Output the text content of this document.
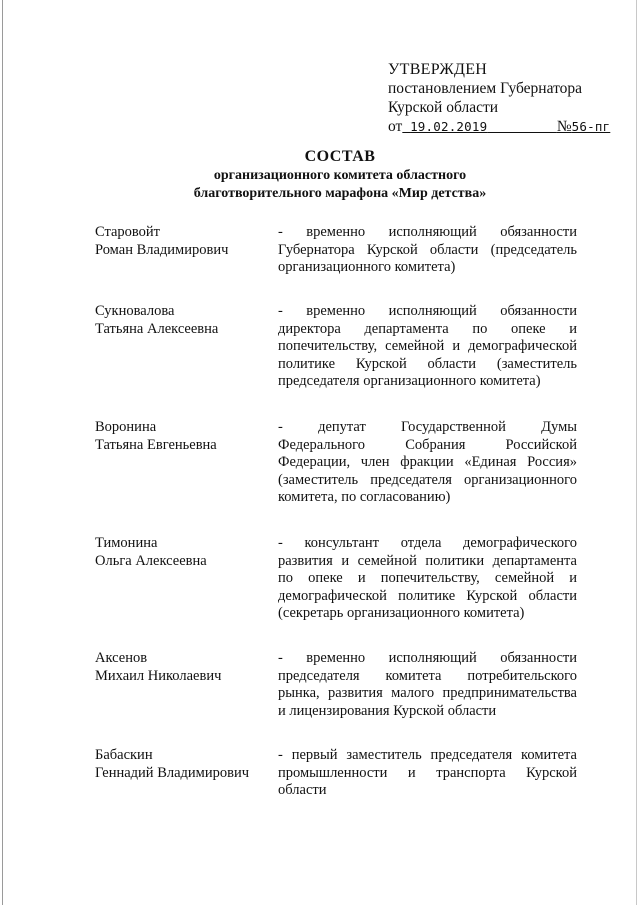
УТВЕРЖДЕН
постановлением Губернатора
Курской области
от 19.02.2019	№56-пг
СОСТАВ
организационного комитета областного
благотворительного марафона «Мир детства»
Старовойт
Роман Владимирович
- временно исполняющий обязанности
Губернатора Курской области (председатель
организационного комитета)
Сукновалова
Татьяна Алексеевна
- временно исполняющий обязанности
директора департамента по опеке и
попечительству, семейной и демографической
политике Курской области (заместитель
председателя организационного комитета)
Воронина
Татьяна Евгеньевна
- депутат Государственной Думы
Федерального Собрания Российской
Федерации, член фракции «Единая Россия»
(заместитель председателя организационного
комитета, по согласованию)
Тимонина
Ольга Алексеевна
- консультант отдела демографического
развития и семейной политики департамента
по опеке и попечительству, семейной и
демографической политике Курской области
(секретарь организационного комитета)
Аксенов
Михаил Николаевич
- временно исполняющий обязанности
председателя комитета потребительского
рынка, развития малого предпринимательства
и лицензирования Курской области
Бабаскин
Геннадий Владимирович
- первый заместитель председателя комитета
промышленности и транспорта Курской
области
